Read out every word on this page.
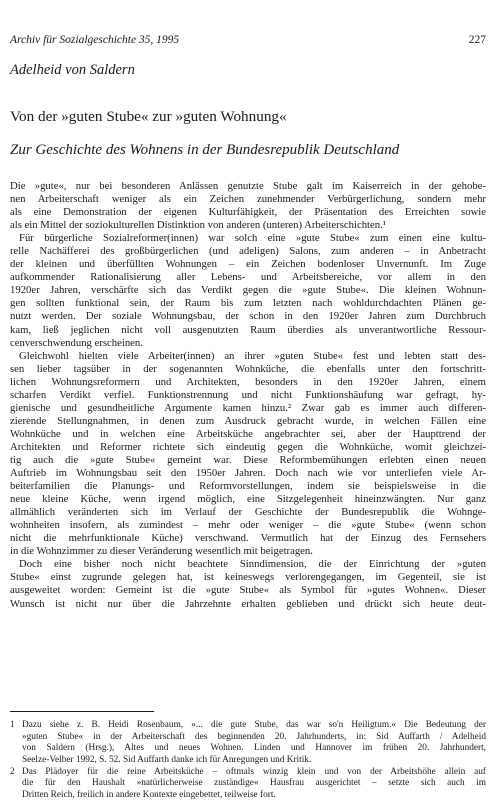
Archiv für Sozialgeschichte 35, 1995	227
Adelheid von Saldern
Von der »guten Stube« zur »guten Wohnung«
Zur Geschichte des Wohnens in der Bundesrepublik Deutschland
Die »gute«, nur bei besonderen Anlässen genutzte Stube galt im Kaiserreich in der gehobe-
nen Arbeiterschaft weniger als ein Zeichen zunehmender Verbürgerlichung, sondern mehr
als eine Demonstration der eigenen Kulturfähigkeit, der Präsentation des Erreichten sowie
als ein Mittel der soziokulturellen Distinktion von anderen (unteren) Arbeiterschichten.¹
Für bürgerliche Sozialreformer(innen) war solch eine »gute Stube« zum einen eine kultu-
relle Nachäfferei des großbürgerlichen (und adeligen) Salons, zum anderen – in Anbetracht
der kleinen und überfüllten Wohnungen – ein Zeichen bodenloser Unvernunft. Im Zuge
aufkommender Rationalisierung aller Lebens- und Arbeitsbereiche, vor allem in den
1920er Jahren, verschärfte sich das Verdikt gegen die »gute Stube«. Die kleinen Wohnun-
gen sollten funktional sein, der Raum bis zum letzten nach wohldurchdachten Plänen ge-
nutzt werden. Der soziale Wohnungsbau, der schon in den 1920er Jahren zum Durchbruch
kam, ließ jeglichen nicht voll ausgenutzten Raum überdies als unverantwortliche Ressour-
cenverschwendung erscheinen.
Gleichwohl hielten viele Arbeiter(innen) an ihrer »guten Stube« fest und lebten statt des-
sen lieber tagsüber in der sogenannten Wohnküche, die ebenfalls unter den fortschritt-
lichen Wohnungsreformern und Architekten, besonders in den 1920er Jahren, einem
scharfen Verdikt verfiel. Funktionstrennung und nicht Funktionshäufung war gefragt, hy-
gienische und gesundheitliche Argumente kamen hinzu.² Zwar gab es immer auch differen-
zierende Stellungnahmen, in denen zum Ausdruck gebracht wurde, in welchen Fällen eine
Wohnküche und in welchen eine Arbeitsküche angebrachter sei, aber der Haupttrend der
Architekten und Reformer richtete sich eindeutig gegen die Wohnküche, womit gleichzei-
tig auch die »gute Stube« gemeint war. Diese Reformbemühungen erlebten einen neuen
Auftrieb im Wohnungsbau seit den 1950er Jahren. Doch nach wie vor unterliefen viele Ar-
beiterfamilien die Planungs- und Reformvorstellungen, indem sie beispielsweise in die
neue kleine Küche, wenn irgend möglich, eine Sitzgelegenheit hineinzwängten. Nur ganz
allmählich veränderten sich im Verlauf der Geschichte der Bundesrepublik die Wohnge-
wohnheiten insofern, als zumindest – mehr oder weniger – die »gute Stube« (wenn schon
nicht die mehrfunktionale Küche) verschwand. Vermutlich hat der Einzug des Fernsehers
in die Wohnzimmer zu dieser Veränderung wesentlich mit beigetragen.
Doch eine bisher noch nicht beachtete Sinndimension, die der Einrichtung der »guten
Stube« einst zugrunde gelegen hat, ist keineswegs verlorengegangen, im Gegenteil, sie ist
ausgeweitet worden: Gemeint ist die »gute Stube« als Symbol für »gutes Wohnen«. Dieser
Wunsch ist nicht nur über die Jahrzehnte erhalten geblieben und drückt sich heute deut-
1 Dazu siehe z. B. Heidi Rosenbaum, »... die gute Stube, das war so'n Heiligtum.« Die Bedeutung der
»guten Stube« in der Arbeiterschaft des beginnenden 20. Jahrhunderts, in: Sid Auffarth / Adelheid
von Saldern (Hrsg.), Altes und neues Wohnen. Linden und Hannover im frühen 20. Jahrhundert,
Seelze-Velber 1992, S. 52. Sid Auffarth danke ich für Anregungen und Kritik.
2 Das Plädoyer für die reine Arbeitsküche – oftmals winzig klein und von der Arbeitshöhe allein auf
die für den Haushalt »natürlicherweise zuständige« Hausfrau ausgerichtet – setzte sich auch im
Dritten Reich, freilich in andere Kontexte eingebettet, teilweise fort.
